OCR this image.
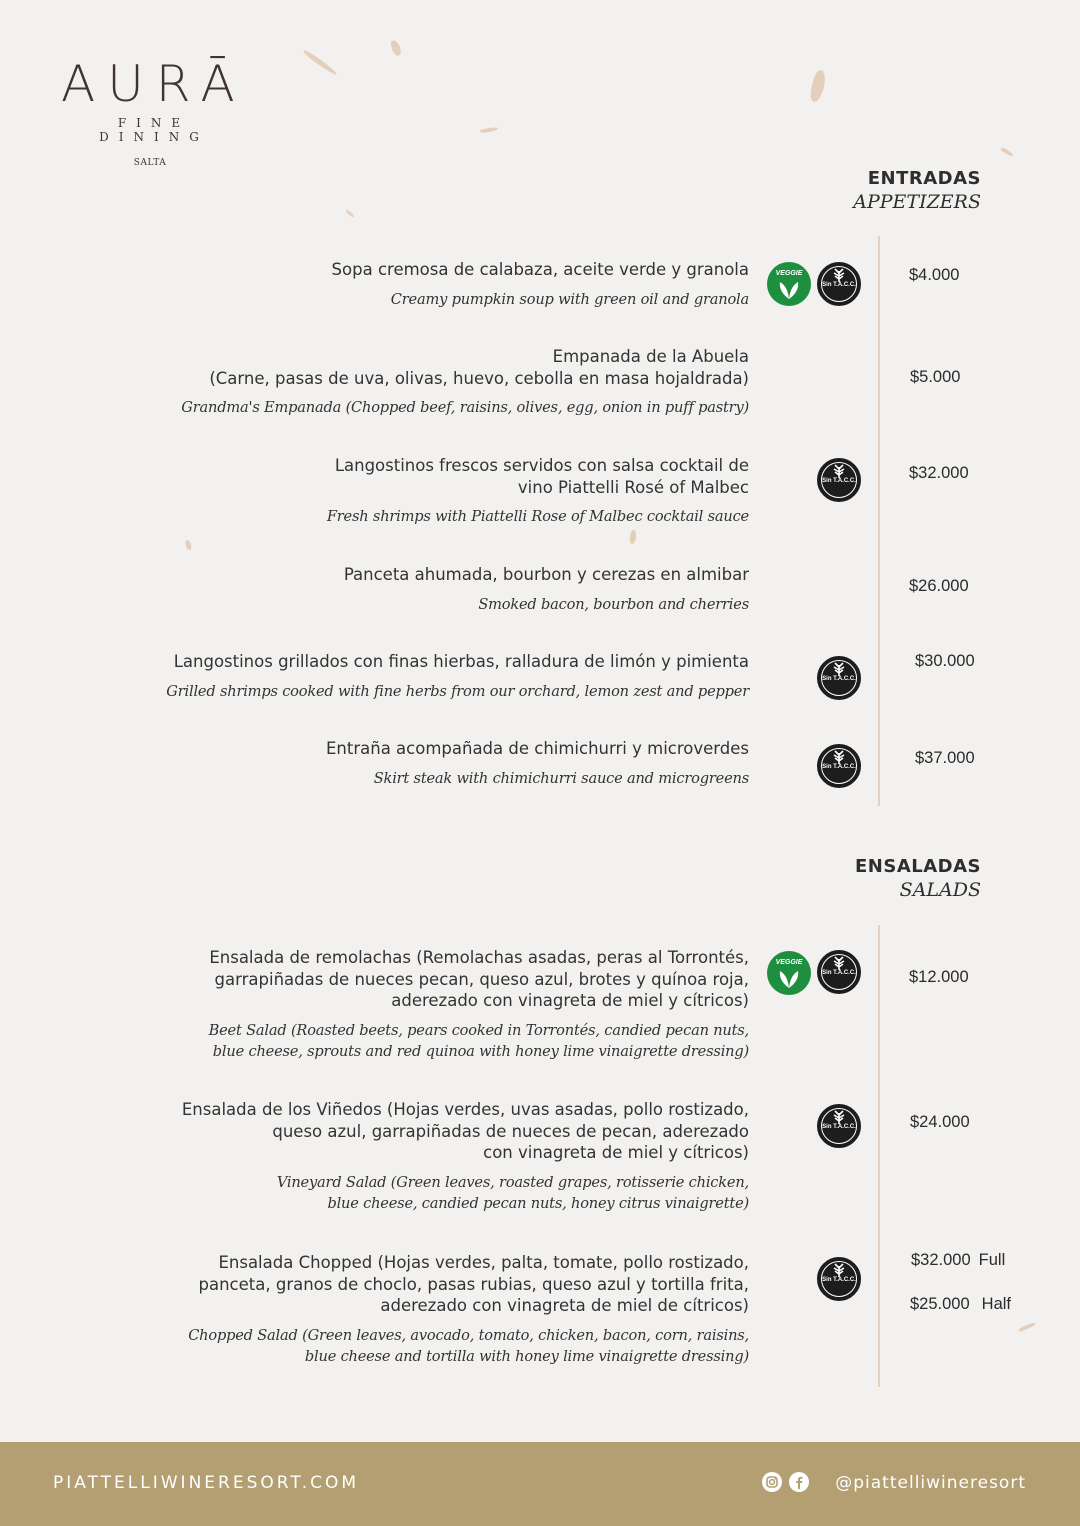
AURĀ
FINE DINING
SALTA
ENTRADAS
APPETIZERS
Sopa cremosa de calabaza, aceite verde y granola
Creamy pumpkin soup with green oil and granola
$4.000
Empanada de la Abuela
(Carne, pasas de uva, olivas, huevo, cebolla en masa hojaldrada)
Grandma's Empanada (Chopped beef, raisins, olives, egg, onion in puff pastry)
$5.000
Langostinos frescos servidos con salsa cocktail de
vino Piattelli Rosé of Malbec
Fresh shrimps with Piattelli Rose of Malbec cocktail sauce
$32.000
Panceta ahumada, bourbon y cerezas en almibar
Smoked bacon, bourbon and cherries
$26.000
Langostinos grillados con finas hierbas, ralladura de limón y pimienta
Grilled shrimps cooked with fine herbs from our orchard, lemon zest and pepper
$30.000
Entraña acompañada de chimichurri y microverdes
Skirt steak with chimichurri sauce and microgreens
$37.000
ENSALADAS
SALADS
Ensalada de remolachas (Remolachas asadas, peras al Torrontés,
garrapiñadas de nueces pecan, queso azul, brotes y quínoa roja,
aderezado con vinagreta de miel y cítricos)
Beet Salad (Roasted beets, pears cooked in Torrontés, candied pecan nuts,
blue cheese, sprouts and red quinoa with honey lime vinaigrette dressing)
$12.000
Ensalada de los Viñedos (Hojas verdes, uvas asadas, pollo rostizado,
queso azul, garrapiñadas de nueces de pecan, aderezado
con vinagreta de miel y cítricos)
Vineyard Salad (Green leaves, roasted grapes, rotisserie chicken,
blue cheese, candied pecan nuts, honey citrus vinaigrette)
$24.000
Ensalada Chopped (Hojas verdes, palta, tomate, pollo rostizado,
panceta, granos de choclo, pasas rubias, queso azul y tortilla frita,
aderezado con vinagreta de miel de cítricos)
Chopped Salad (Green leaves, avocado, tomato, chicken, bacon, corn, raisins,
blue cheese and tortilla with honey lime vinaigrette dressing)
$32.000 Full
$25.000 Half
VEGGIE
VEGGIE
Sin T.A.C.C.
Sin T.A.C.C.
Sin T.A.C.C.
Sin T.A.C.C.
Sin T.A.C.C.
Sin T.A.C.C.
Sin T.A.C.C.
PIATTELLIWINERESORT.COM	@piattelliwineresort
